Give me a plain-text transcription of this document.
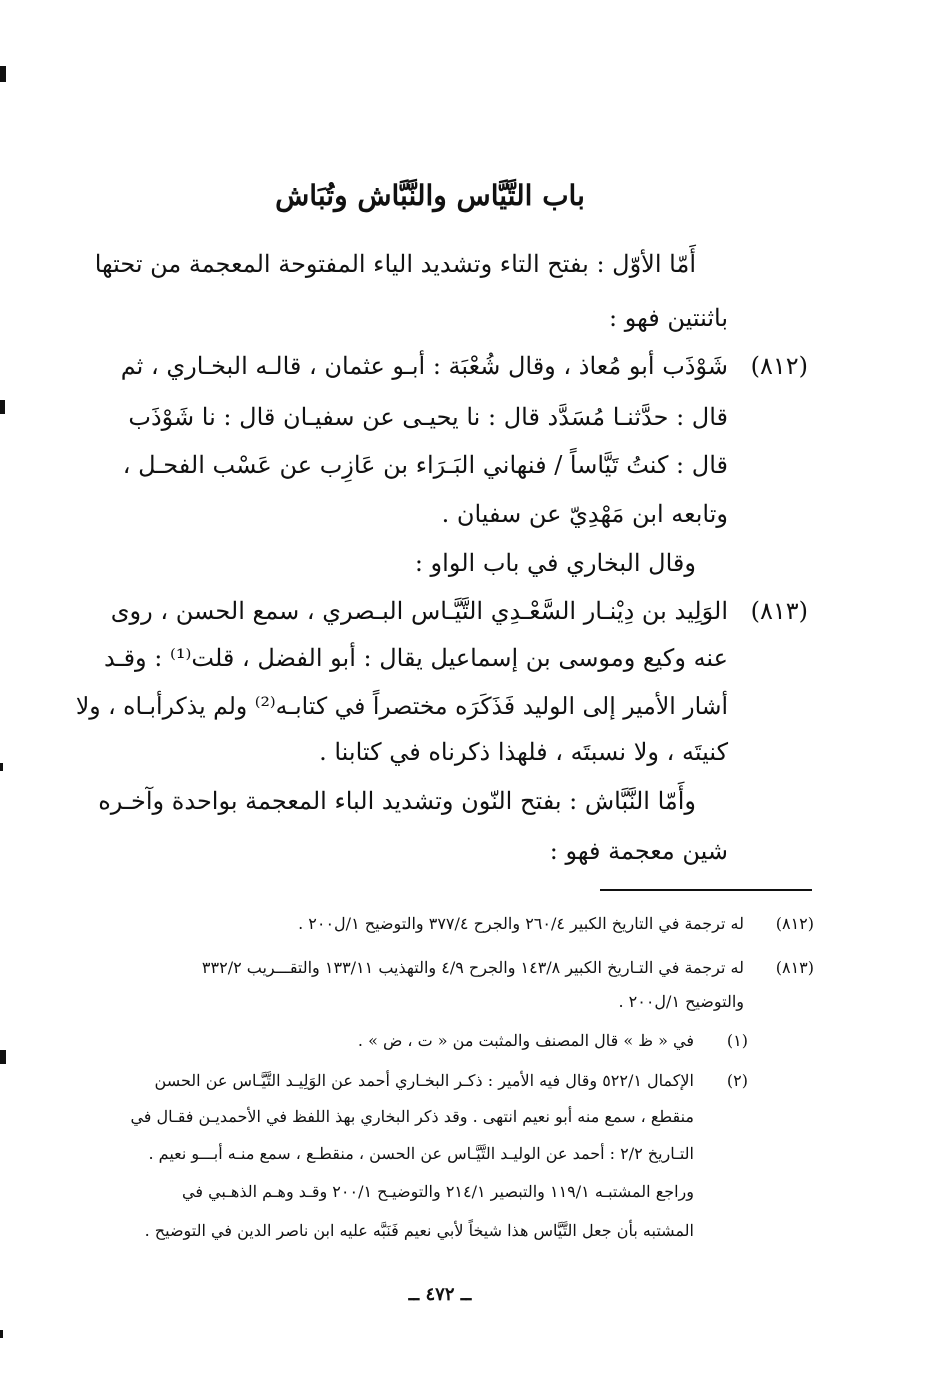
باب التَّيَّاس والنَّبَّاش وتُبَاش
أَمّا الأوّل : بفتح التاء وتشديد الياء المفتوحة المعجمة من تحتها
باثنتين فهو :
(٨١٢)
شَوْذَب أبو مُعاذ ، وقال شُعْبَة : أبـو عثمان ، قالـه البخـاري ، ثم
قال : حدَّثنـا مُسَدَّد قال : نا يحيـى عن سفيـان قال : نا شَوْذَب
قال : كنتُ تَيَّاساً / فنهاني البَـرَاء بن عَازِب عن عَسْب الفحـل ،
وتابعه ابن مَهْدِيّ عن سفيان .
وقال البخاري في باب الواو :
(٨١٣)
الوَلِيد بن دِيْنـار السَّعْـدِي التَّيَّـاس البـصري ، سمع الحسن ، روى
عنه وكيع وموسى بن إسماعيل يقال : أبو الفضل ، قلت⁽¹⁾ : وقـد
أشار الأمير إلى الوليد فَذَكَرَه مختصراً في كتابـه⁽²⁾ ولم يذكرأبـاه ، ولا
كنيتَه ، ولا نسبتَه ، فلهذا ذكرناه في كتابنا .
وأَمّا النَّبَّاش : بفتح النّون وتشديد الباء المعجمة بواحدة وآخـره
شين معجمة فهو :
(٨١٢)
له ترجمة في التاريخ الكبير ٢٦٠/٤ والجرح ٣٧٧/٤ والتوضيح ١/ل٢٠٠ .
(٨١٣)
له ترجمة في التـاريخ الكبير ١٤٣/٨ والجرح ٤/٩ والتهذيب ١٣٣/١١ والتقـــريب ٣٣٢/٢
والتوضيح ١/ل٢٠٠ .
(١)
في « ظ » قال المصنف والمثبت من « ت ، ض » .
(٢)
الإكمال ٥٢٢/١ وقال فيه الأمير : ذكـر البخـاري أحمد عن الوَلِيـد التَّيَّـاس عن الحسن
منقطع ، سمع منه أبو نعيم انتهى . وقد ذكر البخاري بهذ اللفظ في الأحمديـن فقـال في
التـاريخ ٢/٢ : أحمد عن الوليـد التَّيَّـاس عن الحسن ، منقطـع ، سمع منـه أبـــو نعيم .
وراجع المشتبـه ١١٩/١ والتبصير ٢١٤/١ والتوضيـح ٢٠٠/١ وقـد وهـم الذهـبي في
المشتبه بأن جعل التَّيَّاس هذا شيخاً لأبي نعيم فَنَبَّه عليه ابن ناصر الدين في التوضيح .
ــ ٤٧٢ ــ
